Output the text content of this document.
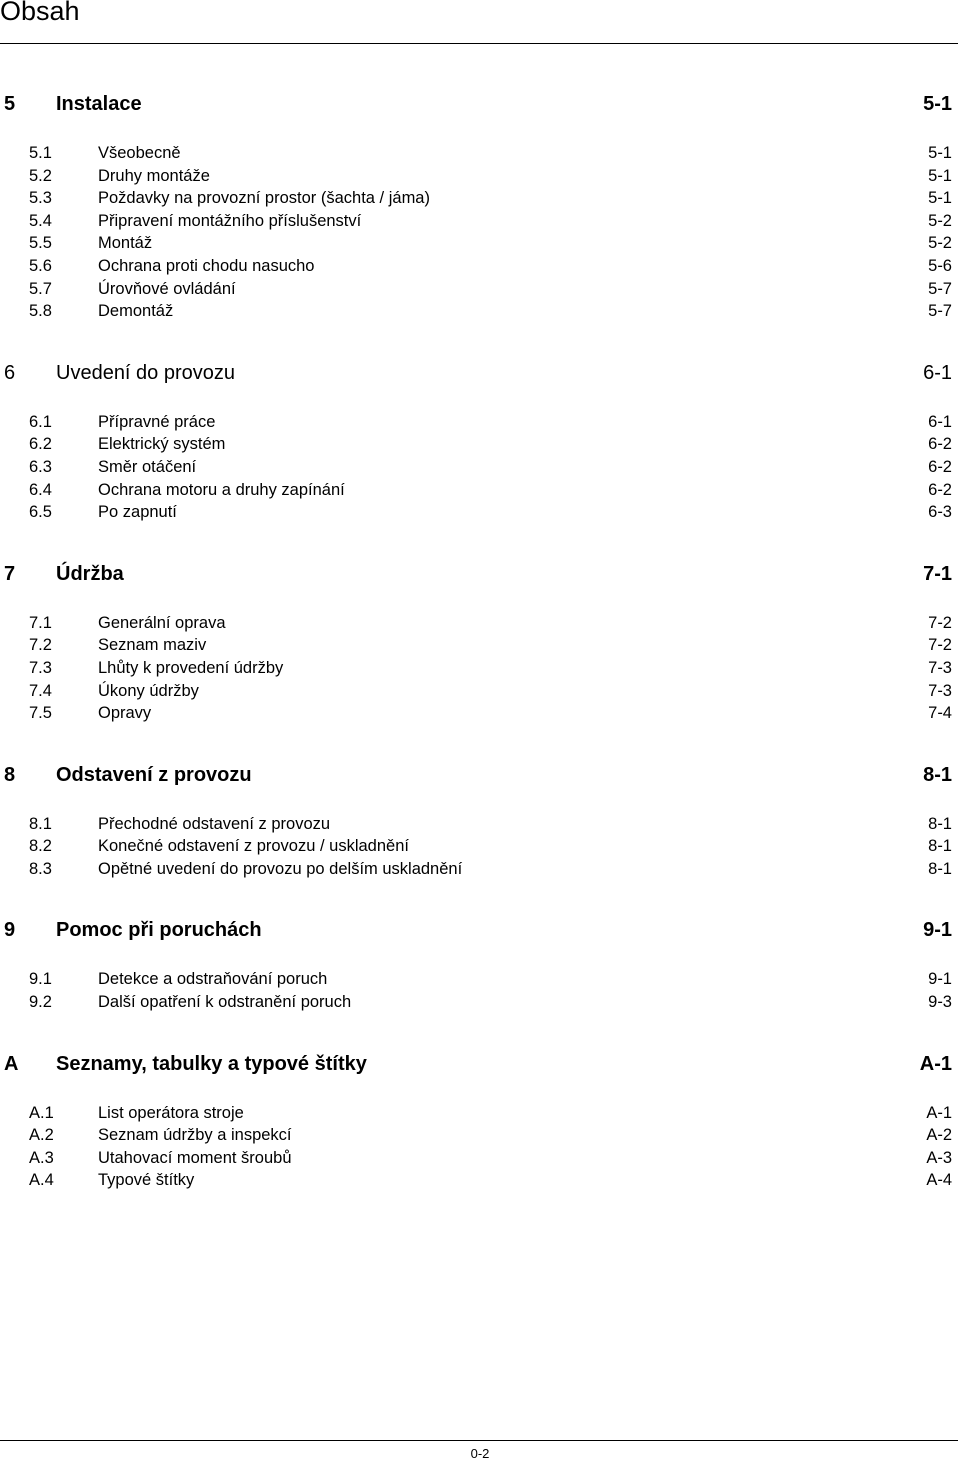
Obsah
5 Instalace	5-1
5.1	Všeobecně	5-1
5.2	Druhy montáže	5-1
5.3	Poždavky na provozní prostor (šachta / jáma)	5-1
5.4	Připravení montážního příslušenství	5-2
5.5	Montáž	5-2
5.6	Ochrana proti chodu nasucho	5-6
5.7	Úrovňové ovládání	5-7
5.8	Demontáž	5-7
6 Uvedení do provozu	6-1
6.1	Přípravné práce	6-1
6.2	Elektrický systém	6-2
6.3	Směr otáčení	6-2
6.4	Ochrana motoru a druhy zapínání	6-2
6.5	Po zapnutí	6-3
7 Údržba	7-1
7.1	Generální oprava	7-2
7.2	Seznam maziv	7-2
7.3	Lhůty k provedení údržby	7-3
7.4	Úkony údržby	7-3
7.5	Opravy	7-4
8 Odstavení z provozu	8-1
8.1	Přechodné odstavení z provozu	8-1
8.2	Konečné odstavení z provozu / uskladnění	8-1
8.3	Opětné uvedení do provozu po delším uskladnění	8-1
9 Pomoc při poruchách	9-1
9.1	Detekce a odstraňování poruch	9-1
9.2	Další opatření k odstranění poruch	9-3
A Seznamy, tabulky a typové štítky	A-1
A.1	List operátora stroje	A-1
A.2	Seznam údržby a inspekcí	A-2
A.3	Utahovací moment šroubů	A-3
A.4	Typové štítky	A-4
0-2
